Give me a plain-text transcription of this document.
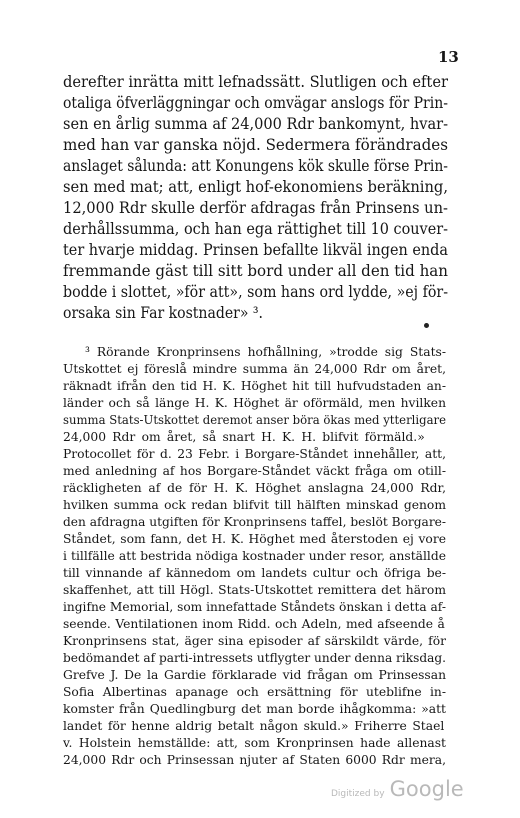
13
derefter inrätta mitt lefnadssätt. Slutligen och efter
otaliga öfverläggningar och omvägar anslogs för Prin-
sen en årlig summa af 24,000 Rdr bankomynt, hvar-
med han var ganska nöjd. Sedermera förändrades
anslaget sålunda: att Konungens kök skulle förse Prin-
sen med mat; att, enligt hof-ekonomiens beräkning,
12,000 Rdr skulle derför afdragas från Prinsens un-
derhållssumma, och han ega rättighet till 10 couver-
ter hvarje middag. Prinsen befallte likväl ingen enda
fremmande gäst till sitt bord under all den tid han
bodde i slottet, »för att», som hans ord lydde, »ej för-
orsaka sin Far kostnader» ³.
³ Rörande Kronprinsens hofhållning, »trodde sig Stats-
Utskottet ej föreslå mindre summa än 24,000 Rdr om året,
räknadt ifrån den tid H. K. Höghet hit till hufvudstaden an-
länder och så länge H. K. Höghet är oförmäld, men hvilken
summa Stats-Utskottet deremot anser böra ökas med ytterligare
24,000 Rdr om året, så snart H. K. H. blifvit förmäld.»
Protocollet för d. 23 Febr. i Borgare-Ståndet innehåller, att,
med anledning af hos Borgare-Ståndet väckt fråga om otill-
räckligheten af de för H. K. Höghet anslagna 24,000 Rdr,
hvilken summa ock redan blifvit till hälften minskad genom
den afdragna utgiften för Kronprinsens taffel, beslöt Borgare-
Ståndet, som fann, det H. K. Höghet med återstoden ej vore
i tillfälle att bestrida nödiga kostnader under resor, anställde
till vinnande af kännedom om landets cultur och öfriga be-
skaffenhet, att till Högl. Stats-Utskottet remittera det härom
ingifne Memorial, som innefattade Ståndets önskan i detta af-
seende. Ventilationen inom Ridd. och Adeln, med afseende å
Kronprinsens stat, äger sina episoder af särskildt värde, för
bedömandet af parti-intressets utflygter under denna riksdag.
Grefve J. De la Gardie förklarade vid frågan om Prinsessan
Sofia Albertinas apanage och ersättning för uteblifne in-
komster från Quedlingburg det man borde ihågkomma: »att
landet för henne aldrig betalt någon skuld.» Friherre Stael
v. Holstein hemställde: att, som Kronprinsen hade allenast
24,000 Rdr och Prinsessan njuter af Staten 6000 Rdr mera,
Digitized by Google
